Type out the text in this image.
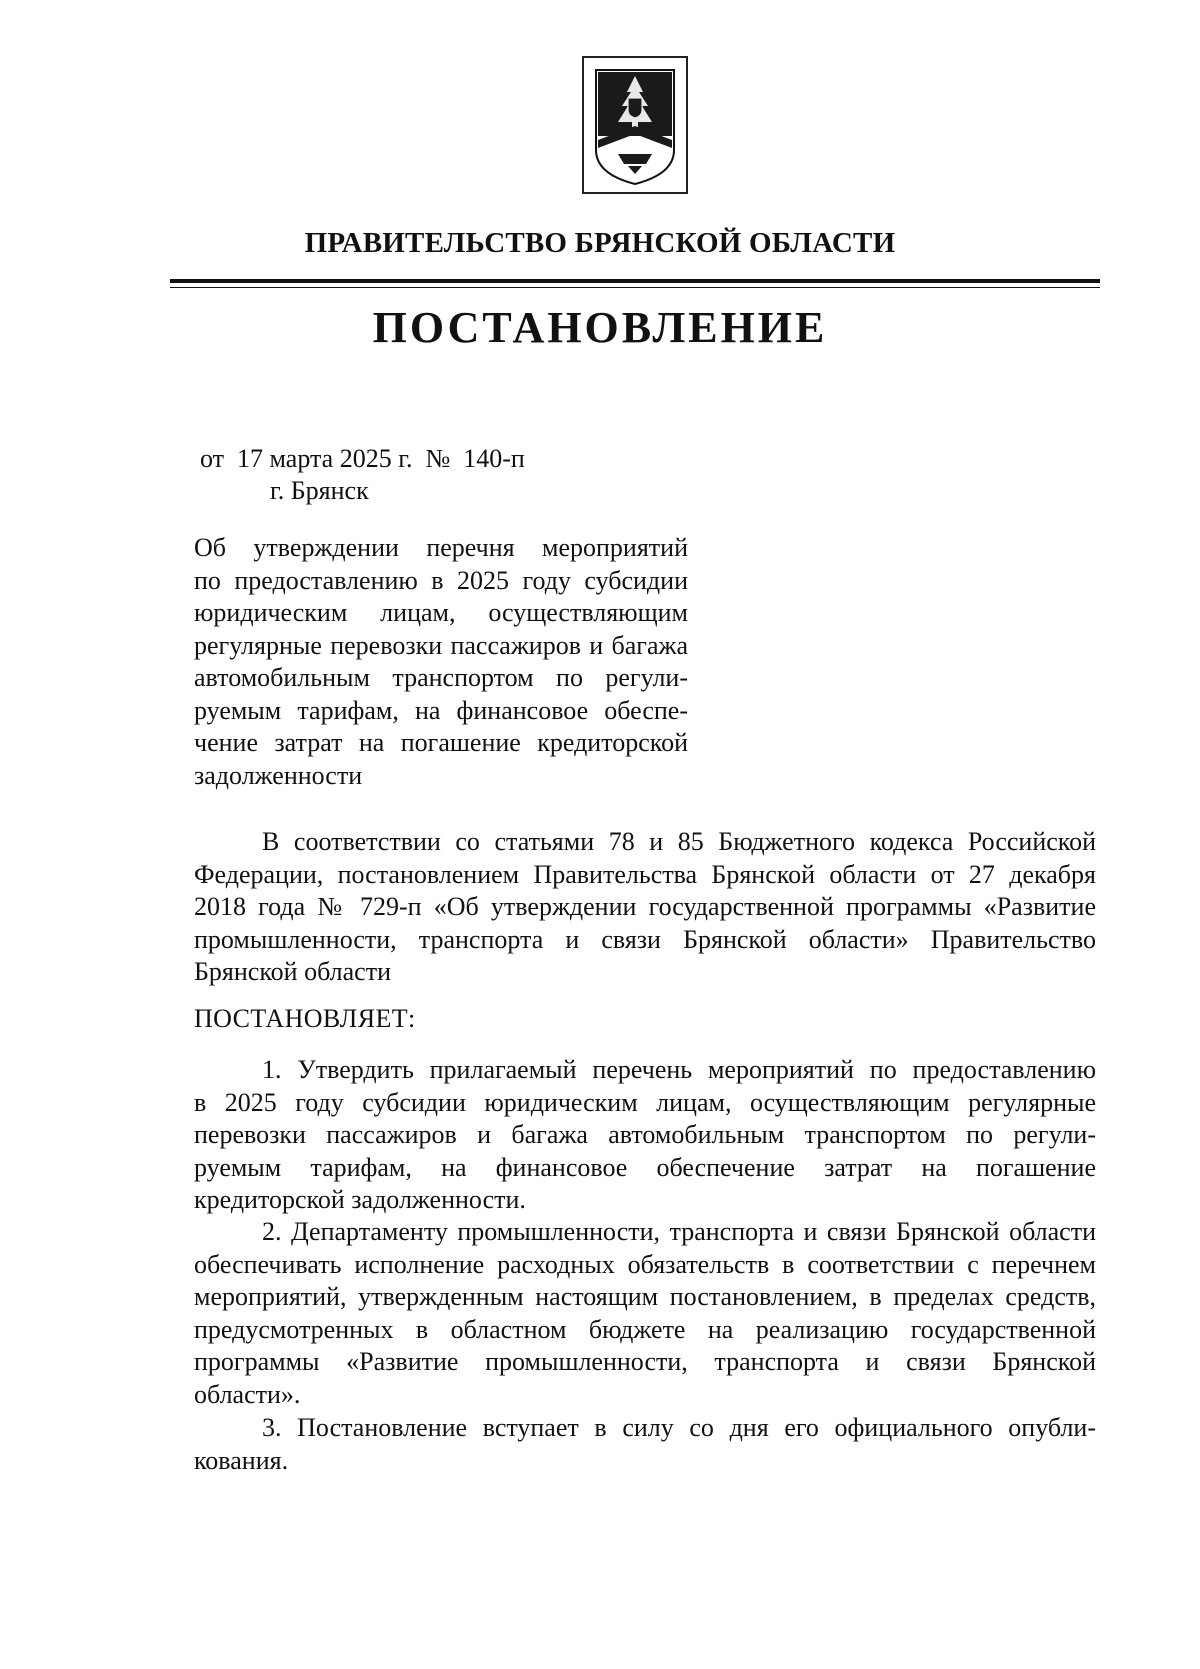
ПРАВИТЕЛЬСТВО БРЯНСКОЙ ОБЛАСТИ
ПОСТАНОВЛЕНИЕ
от  17 марта 2025 г.  №  140-п
г. Брянск
Об утверждении перечня мероприятий
по предоставлению в 2025 году субсидии
юридическим лицам, осуществляющим
регулярные перевозки пассажиров и багажа
автомобильным транспортом по регули-
руемым тарифам, на финансовое обеспе-
чение затрат на погашение кредиторской
задолженности
В соответствии со статьями 78 и 85 Бюджетного кодекса Российской
Федерации, постановлением Правительства Брянской области от 27 декабря
2018 года № 729-п «Об утверждении государственной программы «Развитие
промышленности, транспорта и связи Брянской области» Правительство
Брянской области
ПОСТАНОВЛЯЕТ:
1. Утвердить прилагаемый перечень мероприятий по предоставлению
в 2025 году субсидии юридическим лицам, осуществляющим регулярные
перевозки пассажиров и багажа автомобильным транспортом по регули-
руемым тарифам, на финансовое обеспечение затрат на погашение
кредиторской задолженности.
2. Департаменту промышленности, транспорта и связи Брянской области
обеспечивать исполнение расходных обязательств в соответствии с перечнем
мероприятий, утвержденным настоящим постановлением, в пределах средств,
предусмотренных в областном бюджете на реализацию государственной
программы «Развитие промышленности, транспорта и связи Брянской
области».
3. Постановление вступает в силу со дня его официального опубли-
кования.
